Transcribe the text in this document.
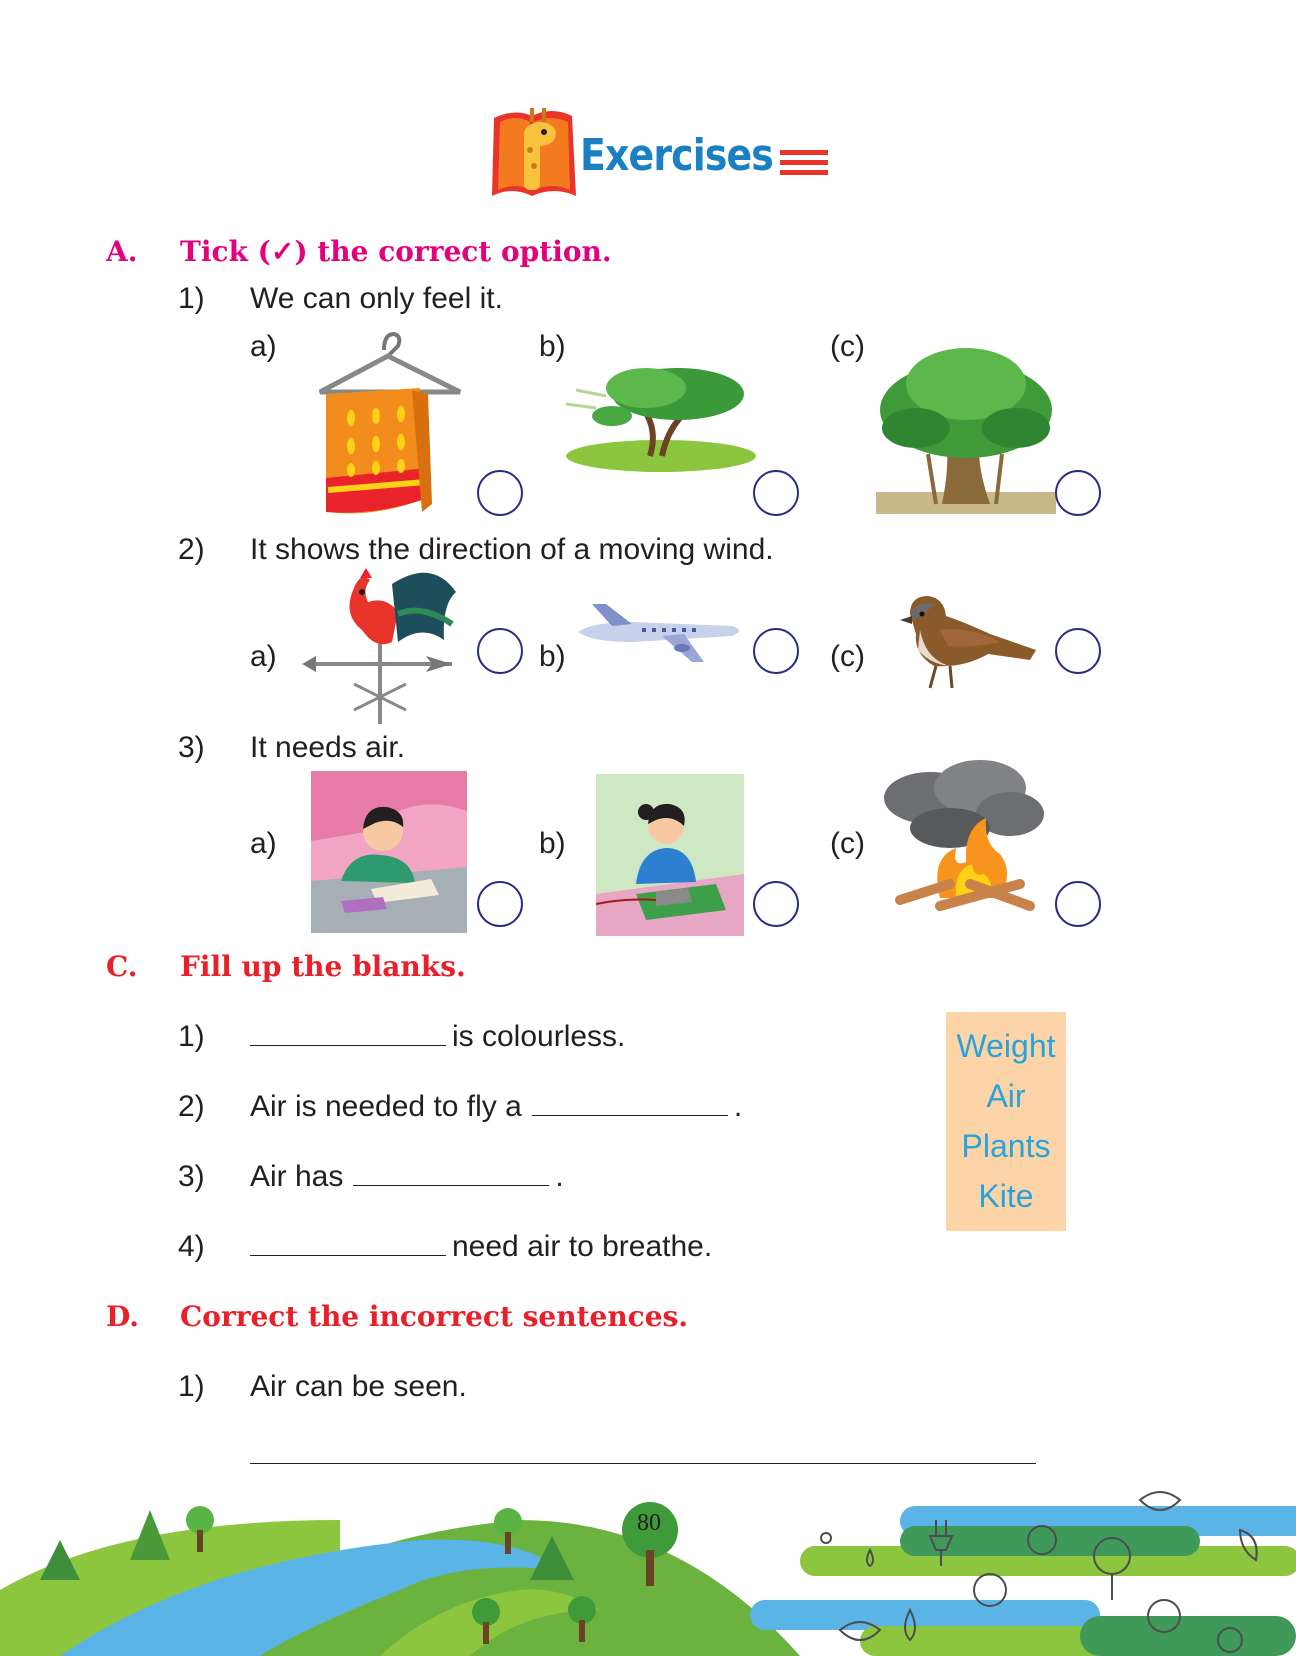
Exercises
A. Tick (✓) the correct option.
1) We can only feel it.
a)	b)	(c)
2) It shows the direction of a moving wind.
a)	b)	(c)
3) It needs air.
a)	b)	(c)
C. Fill up the blanks.
1)	is colourless.
2) Air is needed to fly a	.
3) Air has	.
4)	need air to breathe.
Weight
Air
Plants
Kite
D. Correct the incorrect sentences.
1) Air can be seen.
80
